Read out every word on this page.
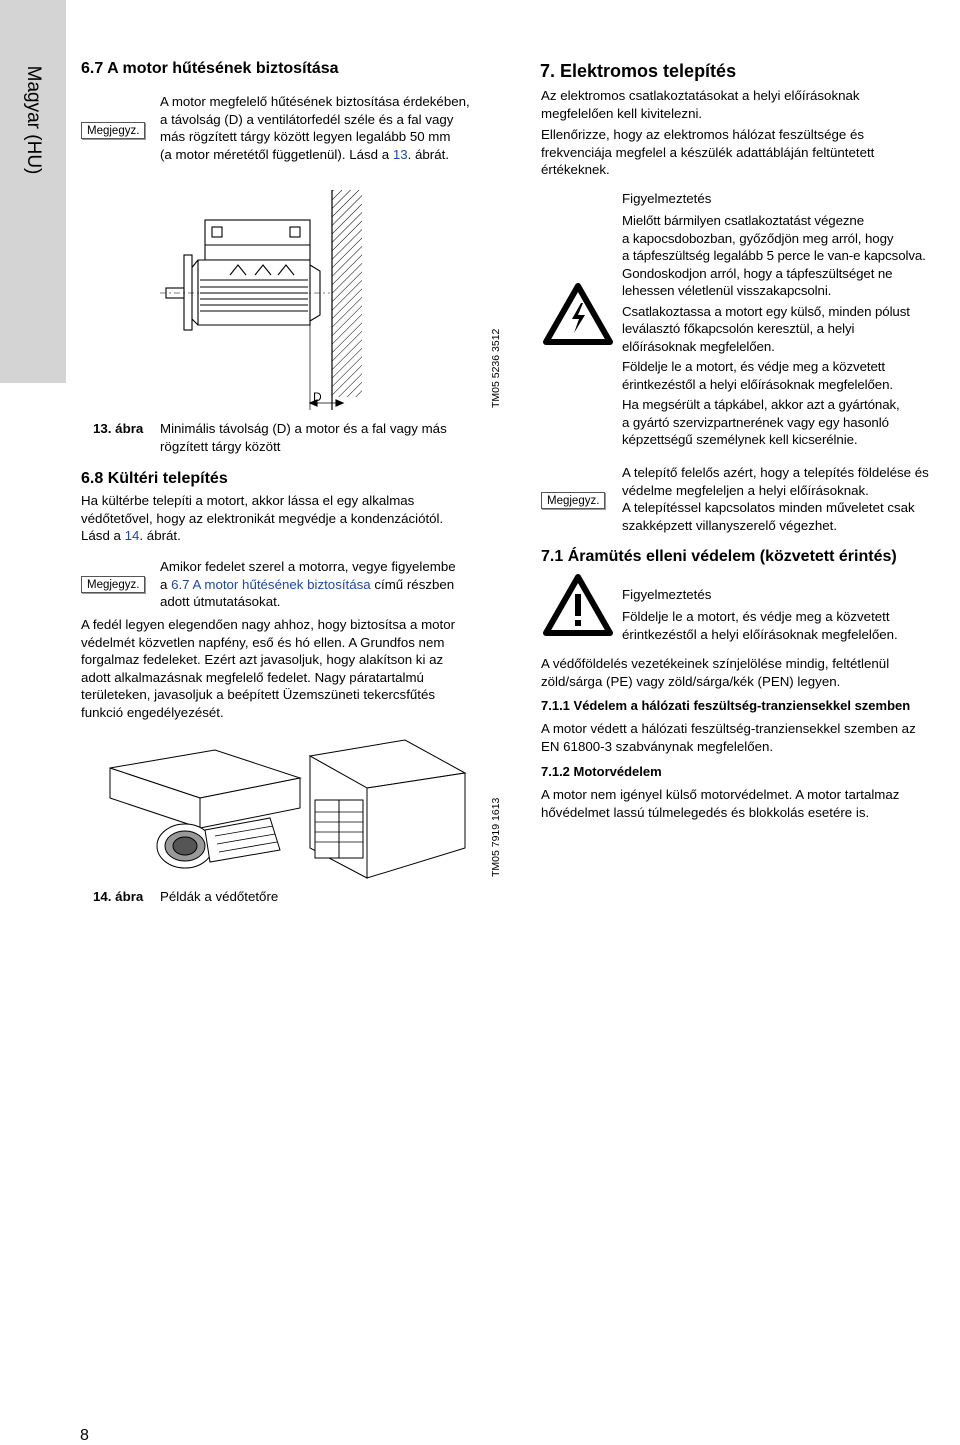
Magyar (HU) 6.7 A motor hűtésének biztosítása
Megjegyz.
A motor megfelelő hűtésének biztosítása érdekében,
a távolság (D) a ventilátorfedél széle és a fal vagy
más rögzített tárgy között legyen legalább 50 mm
(a motor méretétől függetlenül). Lásd a 13. ábrát.
D	TM05 5236 3512
13. ábra Minimális távolság (D) a motor és a fal vagy más
rögzített tárgy között
6.8 Kültéri telepítés
Ha kültérbe telepíti a motort, akkor lássa el egy alkalmas
védőtetővel, hogy az elektronikát megvédje a kondenzációtól.
Lásd a 14. ábrát.
Megjegyz.
Amikor fedelet szerel a motorra, vegye figyelembe
a 6.7 A motor hűtésének biztosítása című részben
adott útmutatásokat.
A fedél legyen elegendően nagy ahhoz, hogy biztosítsa a motor
védelmét közvetlen napfény, eső és hó ellen. A Grundfos nem
forgalmaz fedeleket. Ezért azt javasoljuk, hogy alakítson ki az
adott alkalmazásnak megfelelő fedelet. Nagy páratartalmú
területeken, javasoljuk a beépített Üzemszüneti tekercsfűtés
funkció engedélyezését.
TM05 7919 1613
14. ábra Példák a védőtetőre
7. Elektromos telepítés
Az elektromos csatlakoztatásokat a helyi előírásoknak
megfelelően kell kivitelezni.
Ellenőrizze, hogy az elektromos hálózat feszültsége és
frekvenciája megfelel a készülék adattábláján feltüntetett
értékeknek.
Figyelmeztetés
Mielőtt bármilyen csatlakoztatást végezne
a kapocsdobozban, győződjön meg arról, hogy
a tápfeszültség legalább 5 perce le van-e kapcsolva.
Gondoskodjon arról, hogy a tápfeszültséget ne
lehessen véletlenül visszakapcsolni.
Csatlakoztassa a motort egy külső, minden pólust
leválasztó főkapcsolón keresztül, a helyi
előírásoknak megfelelően.
Földelje le a motort, és védje meg a közvetett
érintkezéstől a helyi előírásoknak megfelelően.
Ha megsérült a tápkábel, akkor azt a gyártónak,
a gyártó szervizpartnerének vagy egy hasonló
képzettségű személynek kell kicserélnie.
Megjegyz.
A telepítő felelős azért, hogy a telepítés földelése és
védelme megfeleljen a helyi előírásoknak.
A telepítéssel kapcsolatos minden műveletet csak
szakképzett villanyszerelő végezhet.
7.1 Áramütés elleni védelem (közvetett érintés)
Figyelmeztetés
Földelje le a motort, és védje meg a közvetett
érintkezéstől a helyi előírásoknak megfelelően.
A védőföldelés vezetékeinek színjelölése mindig, feltétlenül
zöld/sárga (PE) vagy zöld/sárga/kék (PEN) legyen.
7.1.1 Védelem a hálózati feszültség-tranziensekkel szemben
A motor védett a hálózati feszültség-tranziensekkel szemben az
EN 61800-3 szabványnak megfelelően.
7.1.2 Motorvédelem
A motor nem igényel külső motorvédelmet. A motor tartalmaz
hővédelmet lassú túlmelegedés és blokkolás esetére is.
8
